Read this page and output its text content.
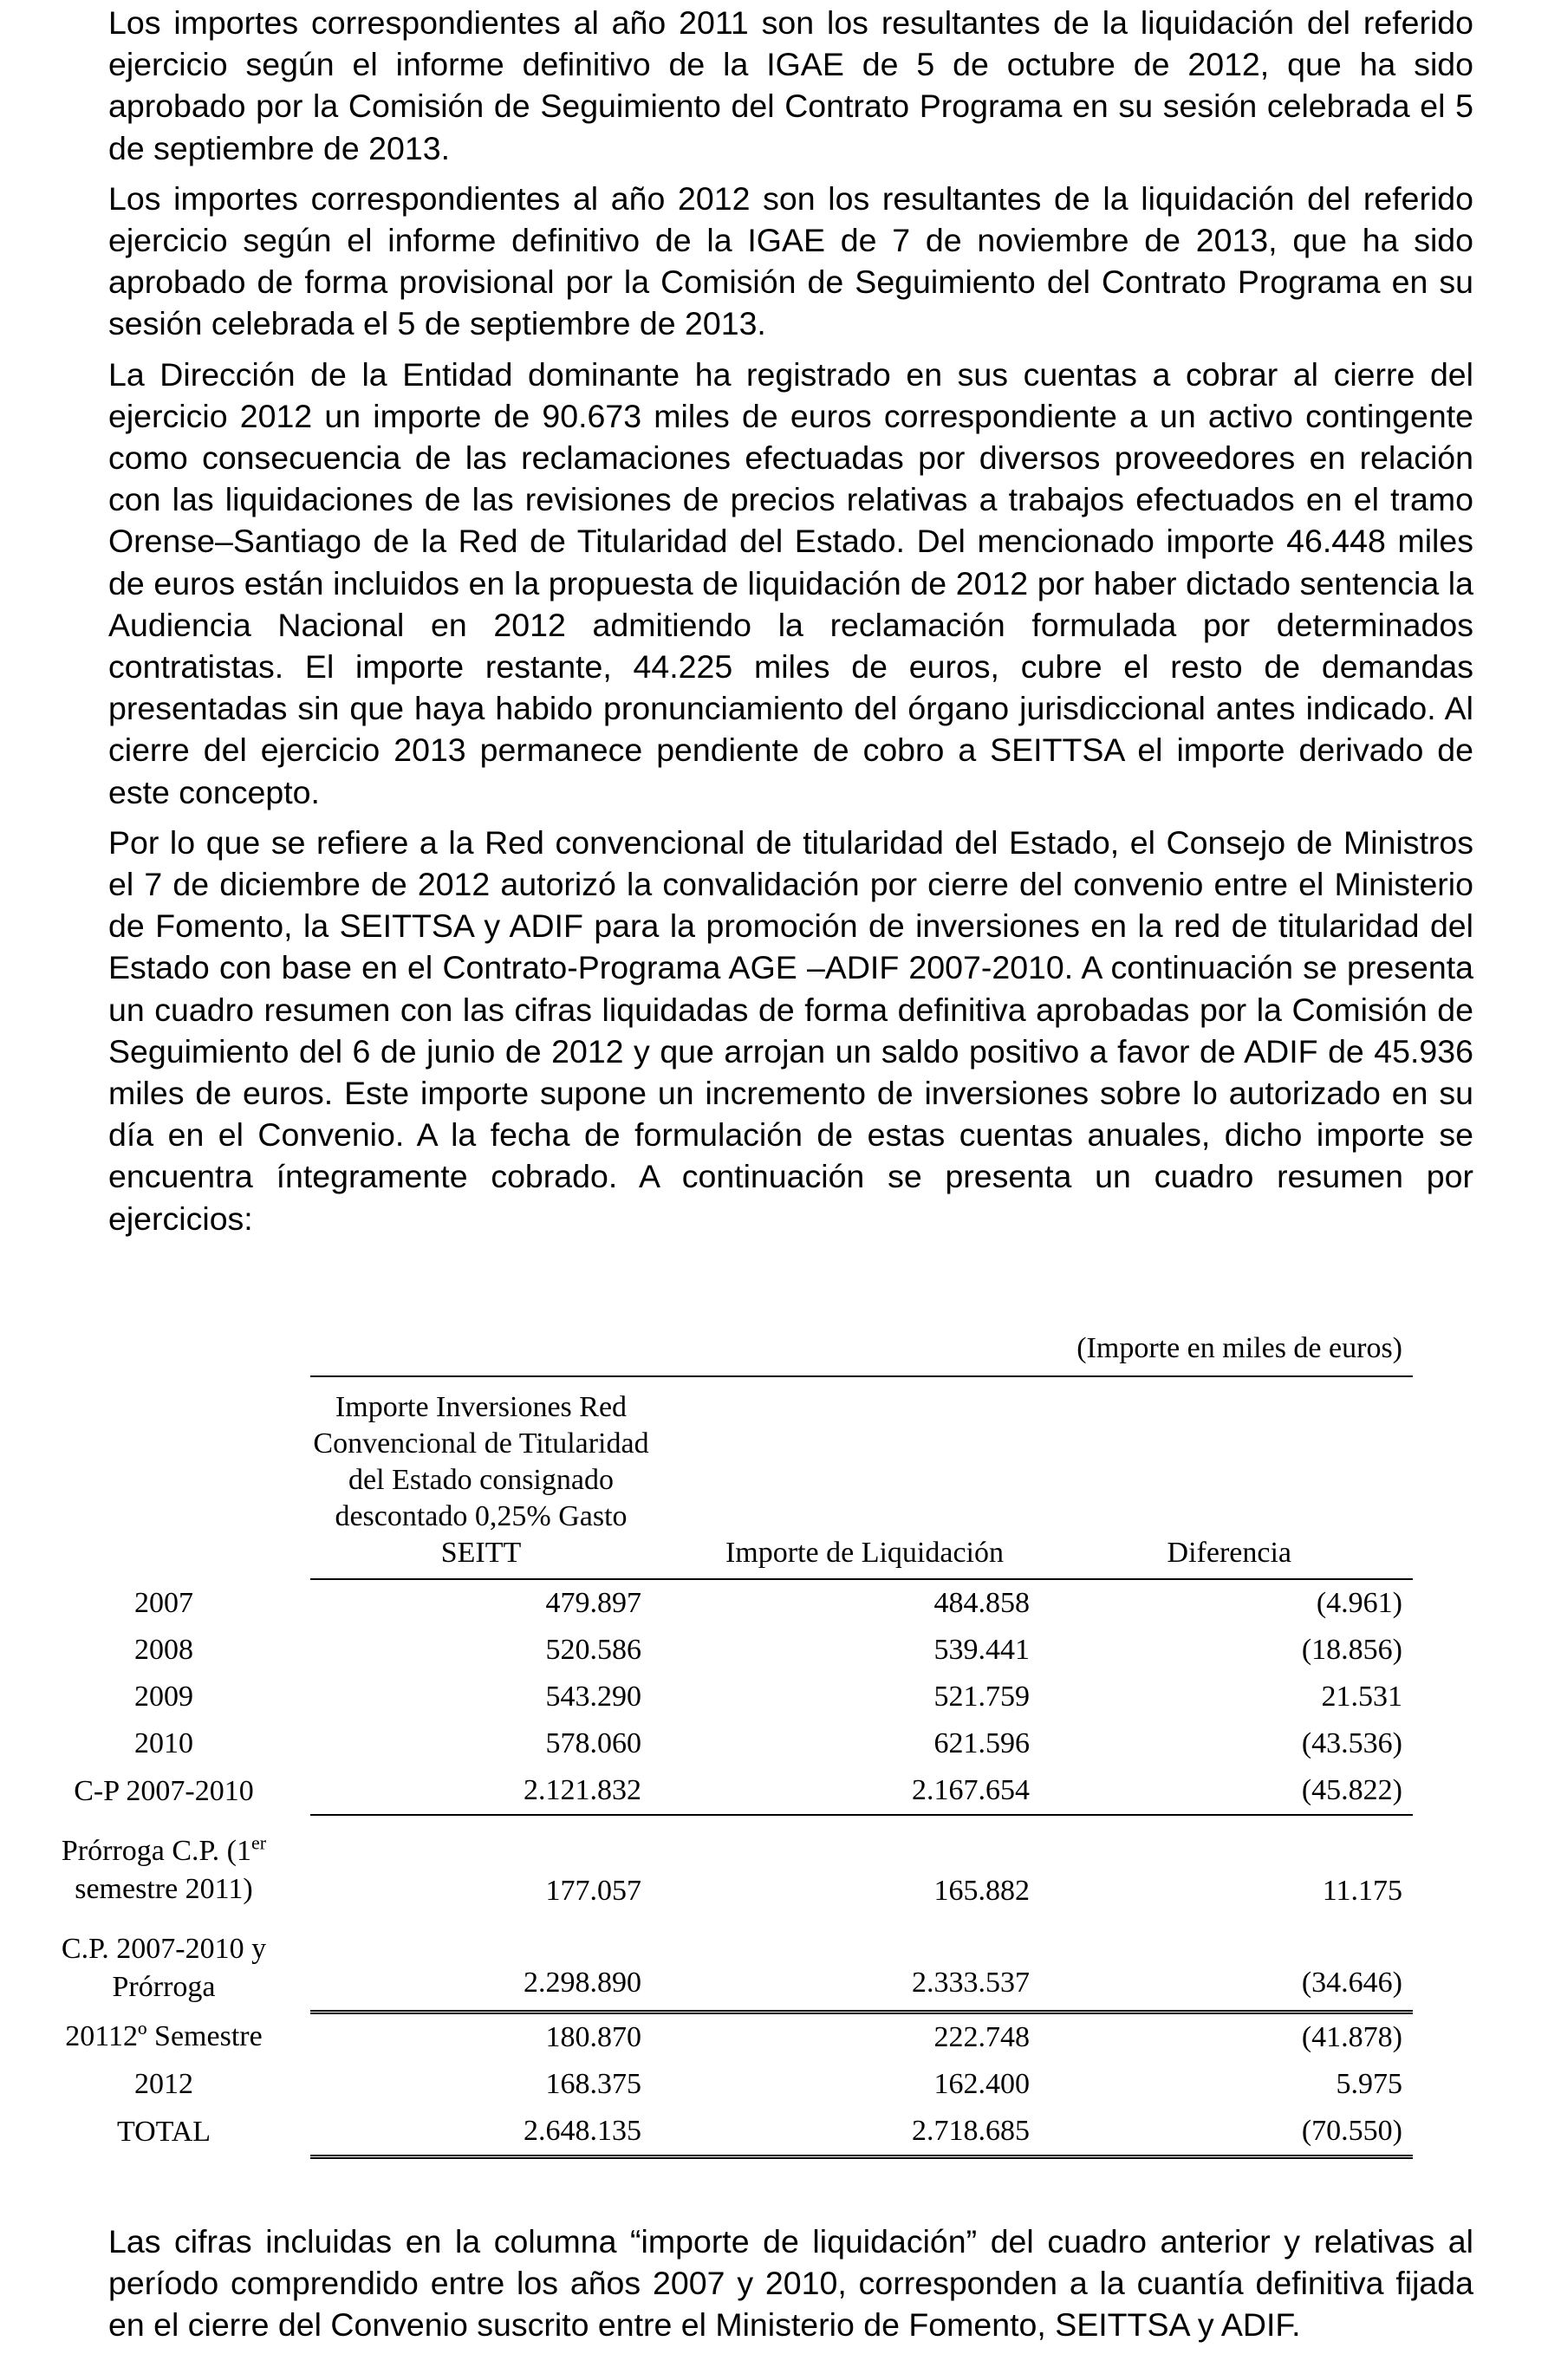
Los importes correspondientes al año 2011 son los resultantes de la liquidación del referido ejercicio según el informe definitivo de la IGAE de 5 de octubre de 2012, que ha sido aprobado por la Comisión de Seguimiento del Contrato Programa en su sesión celebrada el 5 de septiembre de 2013.

Los importes correspondientes al año 2012 son los resultantes de la liquidación del referido ejercicio según el informe definitivo de la IGAE de 7 de noviembre de 2013, que ha sido aprobado de forma provisional por la Comisión de Seguimiento del Contrato Programa en su sesión celebrada el 5 de septiembre de 2013.

La Dirección de la Entidad dominante ha registrado en sus cuentas a cobrar al cierre del ejercicio 2012 un importe de 90.673 miles de euros correspondiente a un activo contingente como consecuencia de las reclamaciones efectuadas por diversos proveedores en relación con las liquidaciones de las revisiones de precios relativas a trabajos efectuados en el tramo Orense–Santiago de la Red de Titularidad del Estado. Del mencionado importe 46.448 miles de euros están incluidos en la propuesta de liquidación de 2012 por haber dictado sentencia la Audiencia Nacional en 2012 admitiendo la reclamación formulada por determinados contratistas. El importe restante, 44.225 miles de euros, cubre el resto de demandas presentadas sin que haya habido pronunciamiento del órgano jurisdiccional antes indicado. Al cierre del ejercicio 2013 permanece pendiente de cobro a SEITTSA el importe derivado de este concepto.

Por lo que se refiere a la Red convencional de titularidad del Estado, el Consejo de Ministros el 7 de diciembre de 2012 autorizó la convalidación por cierre del convenio entre el Ministerio de Fomento, la SEITTSA y ADIF para la promoción de inversiones en la red de titularidad del Estado con base en el Contrato-Programa AGE –ADIF 2007-2010. A continuación se presenta un cuadro resumen con las cifras liquidadas de forma definitiva aprobadas por la Comisión de Seguimiento del 6 de junio de 2012 y que arrojan un saldo positivo a favor de ADIF de 45.936 miles de euros. Este importe supone un incremento de inversiones sobre lo autorizado en su día en el Convenio. A la fecha de formulación de estas cuentas anuales, dicho importe se encuentra íntegramente cobrado. A continuación se presenta un cuadro resumen por ejercicios:

(Importe en miles de euros)
	Importe Inversiones Red Convencional de Titularidad del Estado consignado descontado 0,25% Gasto SEITT	Importe de Liquidación	Diferencia
2007	479.897	484.858	(4.961)
2008	520.586	539.441	(18.856)
2009	543.290	521.759	21.531
2010	578.060	621.596	(43.536)
C-P 2007-2010	2.121.832	2.167.654	(45.822)
Prórroga C.P. (1er
semestre 2011)	177.057	165.882	11.175
C.P. 2007-2010 y
Prórroga	2.298.890	2.333.537	(34.646)
20112º Semestre	180.870	222.748	(41.878)
2012	168.375	162.400	5.975
TOTAL	2.648.135	2.718.685	(70.550)

Las cifras incluidas en la columna “importe de liquidación” del cuadro anterior y relativas al período comprendido entre los años 2007 y 2010, corresponden a la cuantía definitiva fijada en el cierre del Convenio suscrito entre el Ministerio de Fomento, SEITTSA y ADIF.
